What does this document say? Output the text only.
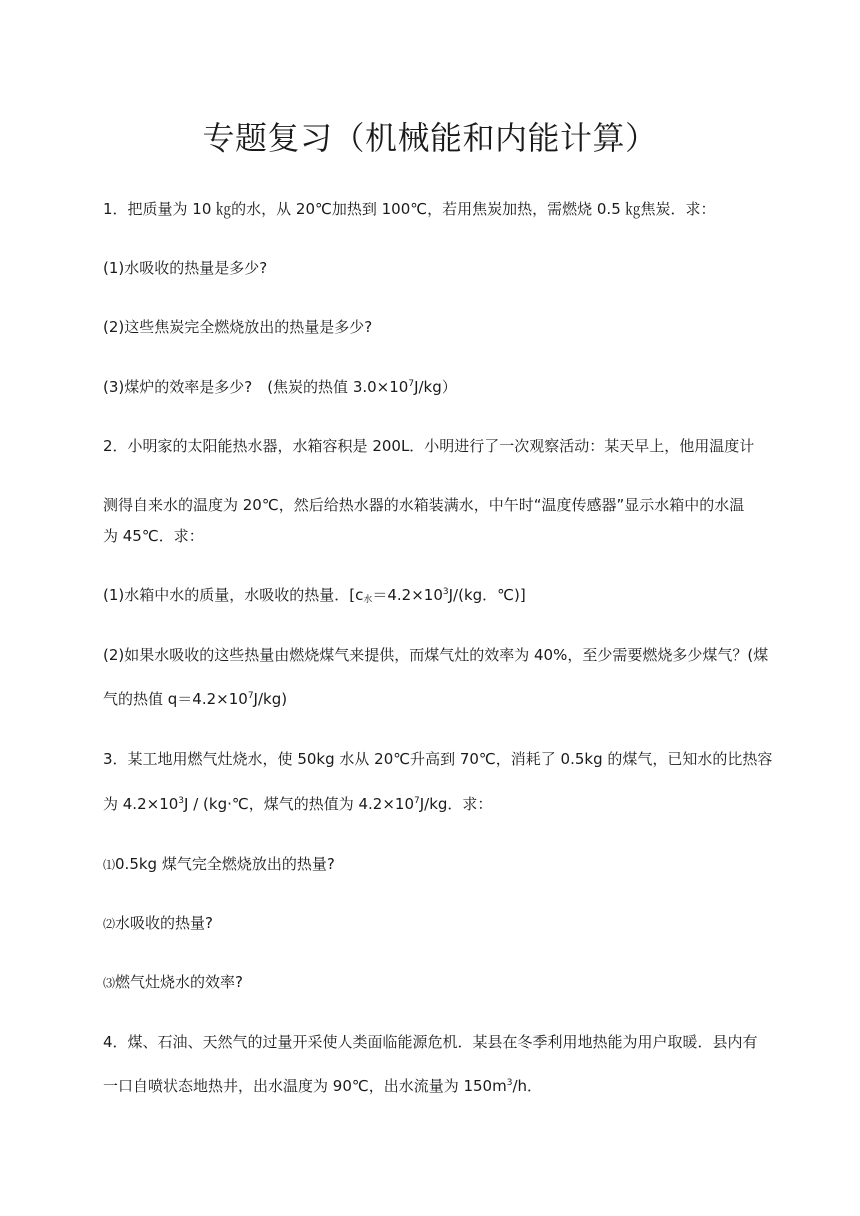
专题复习（机械能和内能计算）
1．把质量为 10 ㎏的水，从 20℃加热到 100℃，若用焦炭加热，需燃烧 0.5 ㎏焦炭．求：
(1)水吸收的热量是多少?
(2)这些焦炭完全燃烧放出的热量是多少?
(3)煤炉的效率是多少?　(焦炭的热值 $3.0\times 10^7J/kg$）
2．小明家的太阳能热水器，水箱容积是 200L．小明进行了一次观察活动：某天早上，他用温度计
测得自来水的温度为 20℃，然后给热水器的水箱装满水，中午时“温度传感器”显示水箱中的水温
为 45℃．求：
(1)水箱中水的质量，水吸收的热量．[$c_水=4.2\times 10^3J/(kg$．℃)]
(2)如果水吸收的这些热量由燃烧煤气来提供，而煤气灶的效率为 40%，至少需要燃烧多少煤气？(煤
气的热值 $q=4.2\times 10^7J/kg$)
3．某工地用燃气灶烧水，使 50kg 水从 20℃升高到 70℃，消耗了 0.5kg 的煤气，已知水的比热容
为 $4.2\times 10^3J$ / (kg·℃，煤气的热值为 $4.2\times 10^7J/kg$．求：
⑴0.5kg 煤气完全燃烧放出的热量?
⑵水吸收的热量?
⑶燃气灶烧水的效率?
4．煤、石油、天然气的过量开采使人类面临能源危机．某县在冬季利用地热能为用户取暖．县内有
一口自喷状态地热井，出水温度为 90℃，出水流量为 $150m^3/h$．
